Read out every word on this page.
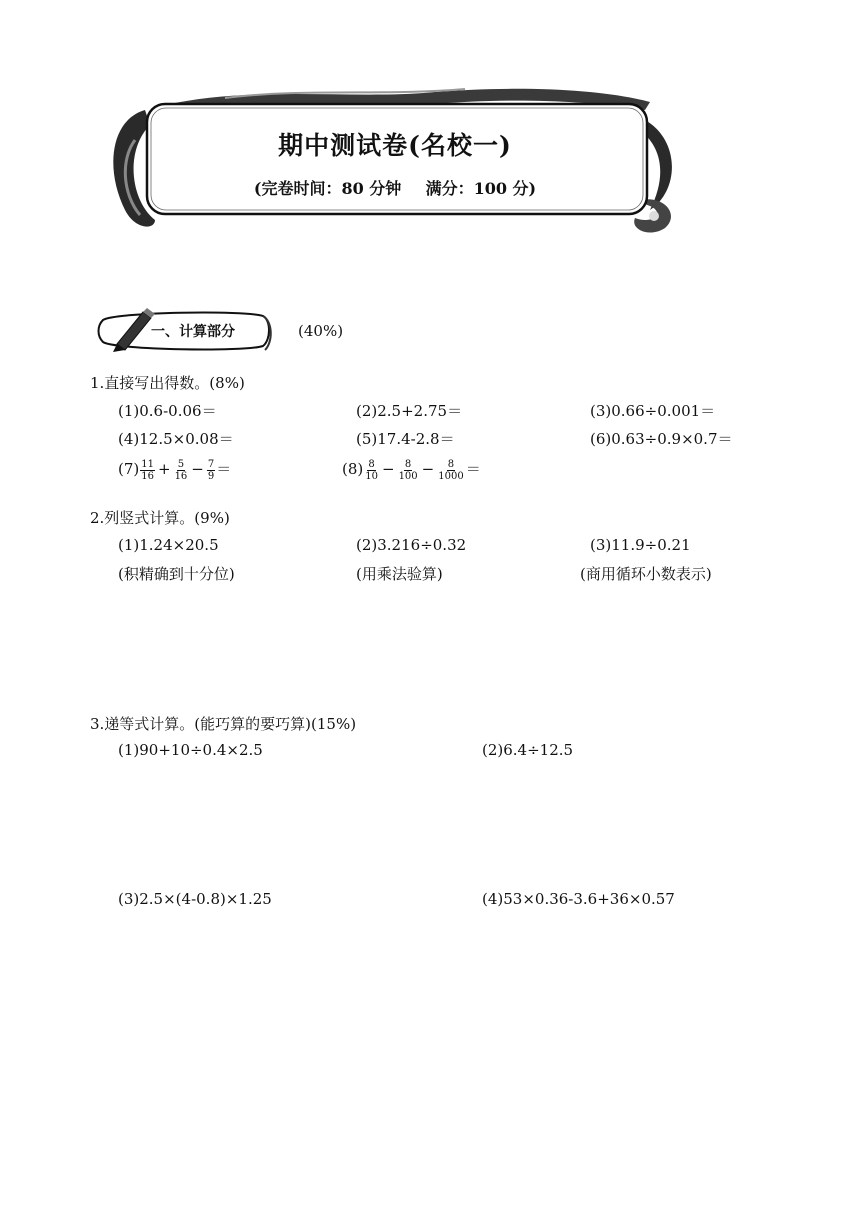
期中测试卷(名校一)
(完卷时间：80 分钟 满分：100 分)
一、计算部分	(40%)
1.直接写出得数。(8%)
(1)0.6-0.06＝	(2)2.5+2.75＝	(3)0.66÷0.001＝
(4)12.5×0.08＝	(5)17.4-2.8＝	(6)0.63÷0.9×0.7＝
$(7) \frac{11}{16} + \frac{5}{16} - \frac{7}{9}$ ＝	$(8) \frac{8}{10} - \frac{8}{100} - \frac{8}{1000}$ ＝
2.列竖式计算。(9%)
(1)1.24×20.5	(2)3.216÷0.32	(3)11.9÷0.21
(积精确到十分位)	(用乘法验算)	(商用循环小数表示)
3.递等式计算。(能巧算的要巧算)(15%)
(1)90+10÷0.4×2.5	(2)6.4÷12.5
(3)2.5×(4-0.8)×1.25	(4)53×0.36-3.6+36×0.57
